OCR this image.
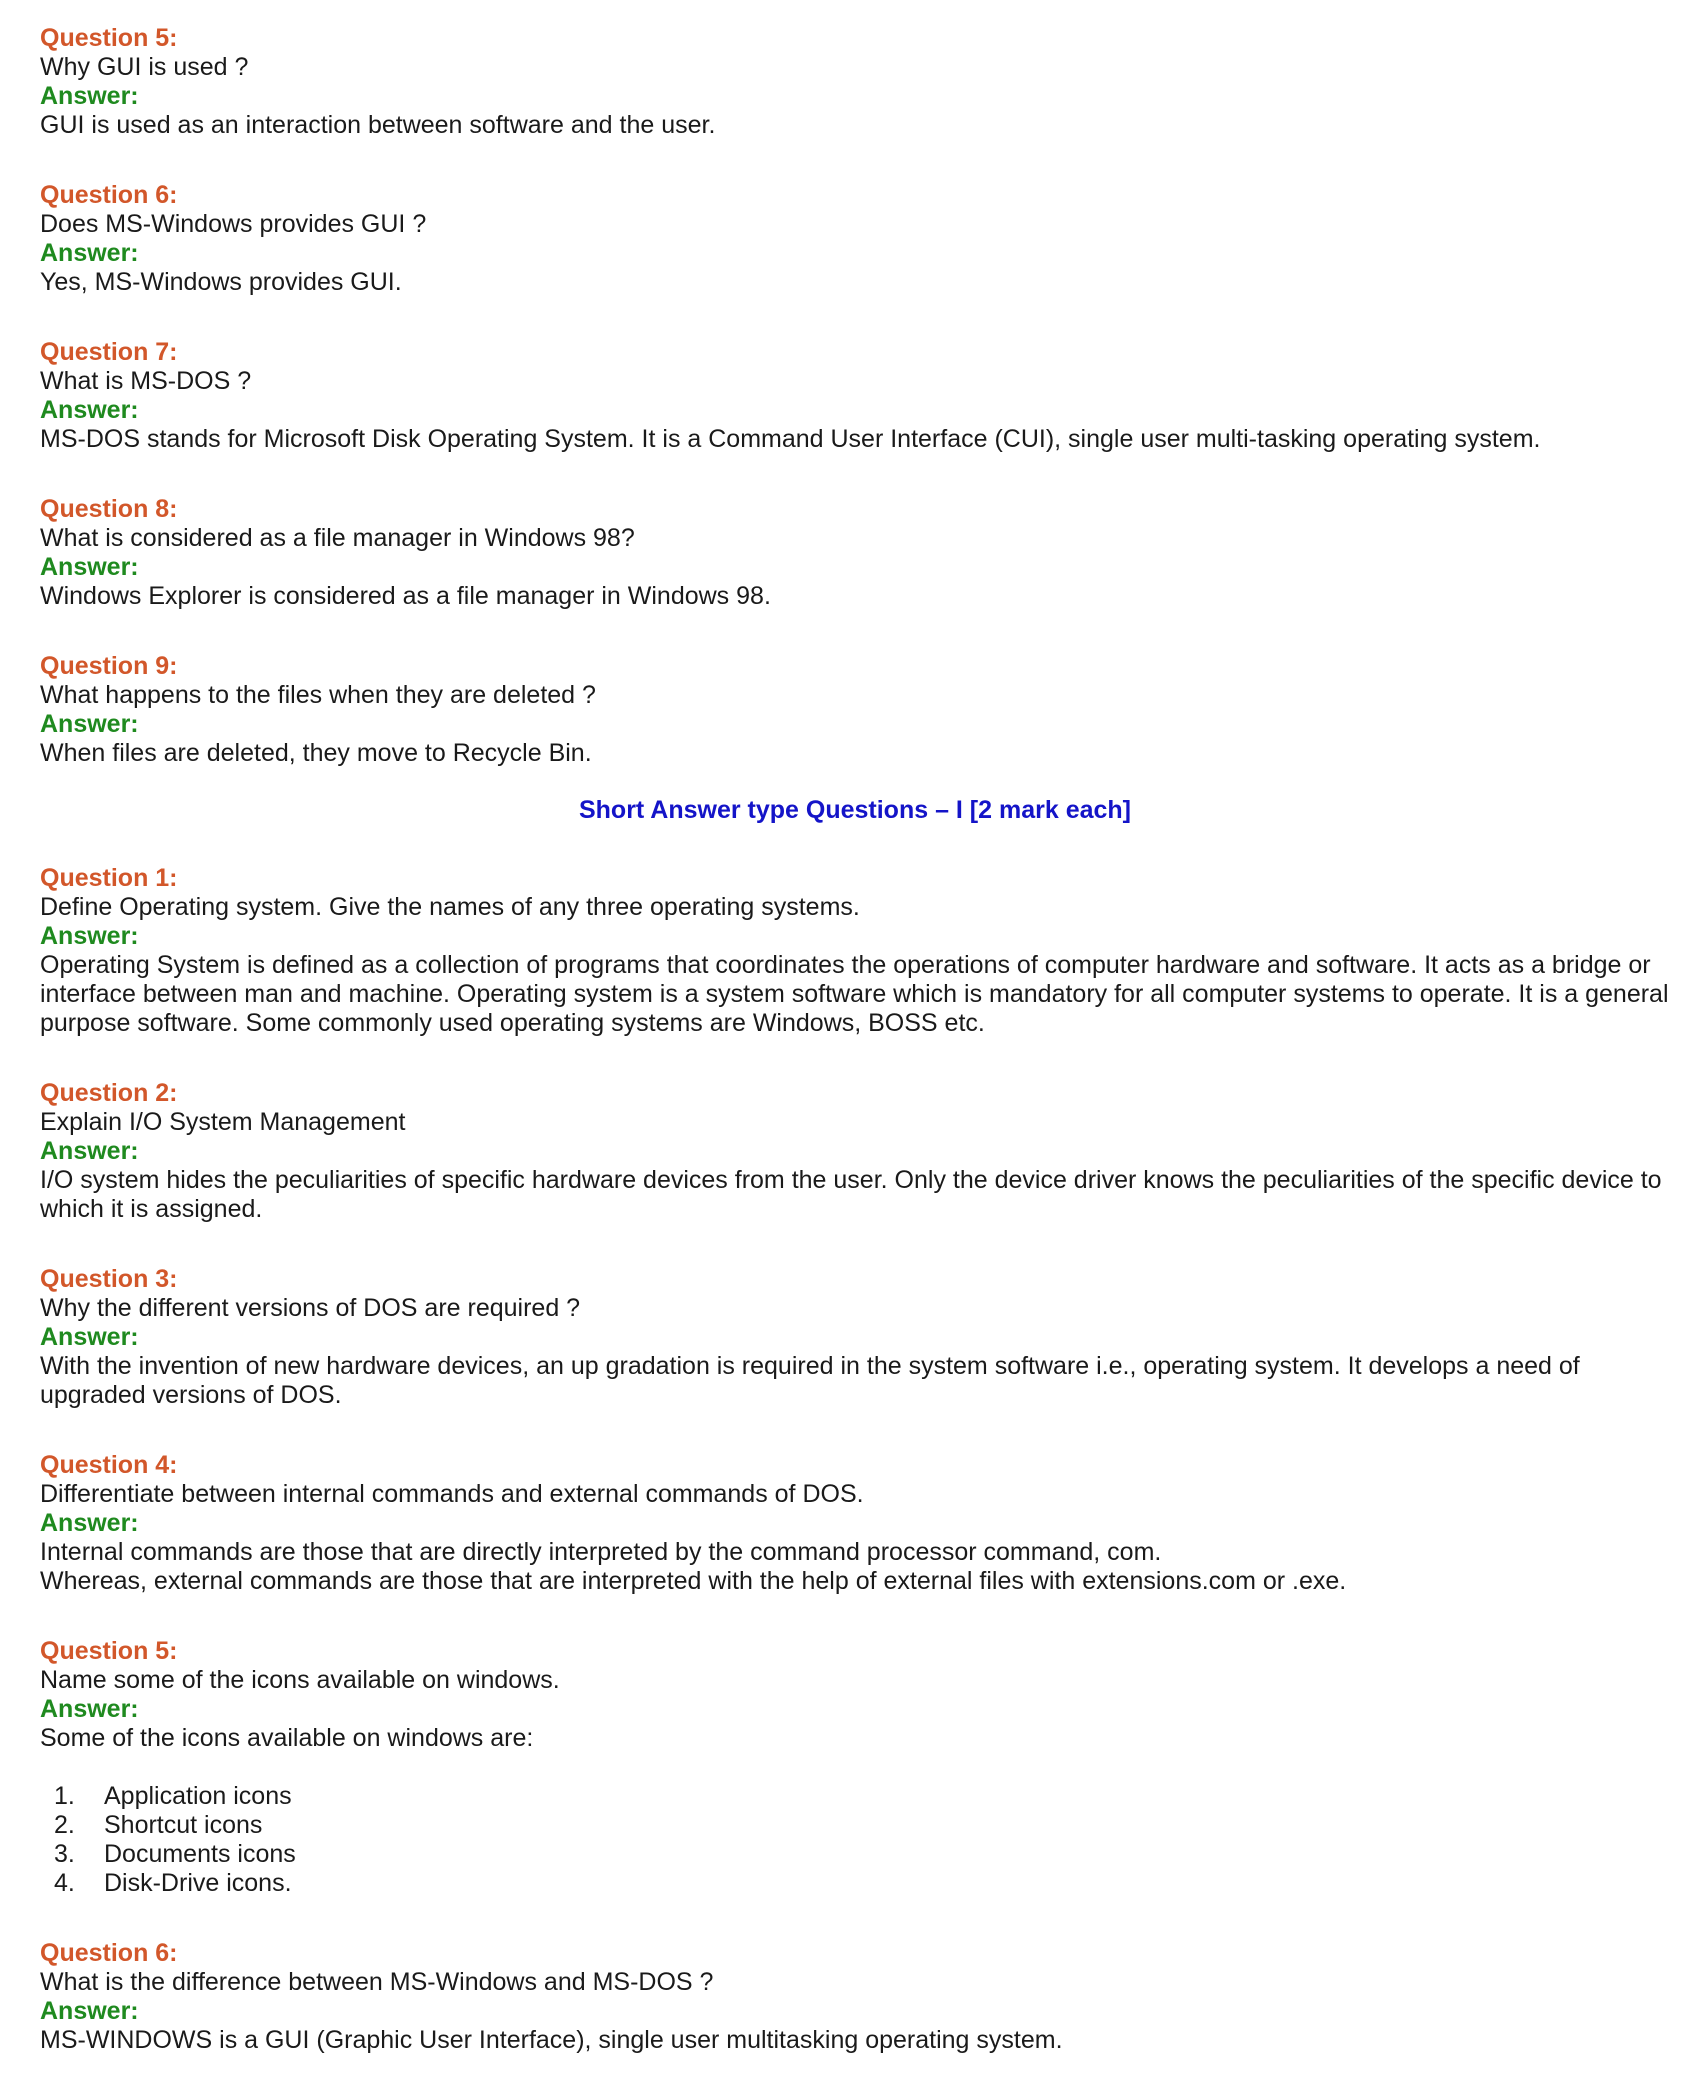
Question 5:
Why GUI is used ?
Answer:
GUI is used as an interaction between software and the user.
Question 6:
Does MS-Windows provides GUI ?
Answer:
Yes, MS-Windows provides GUI.
Question 7:
What is MS-DOS ?
Answer:
MS-DOS stands for Microsoft Disk Operating System. It is a Command User Interface (CUI), single user multi-tasking operating system.
Question 8:
What is considered as a file manager in Windows 98?
Answer:
Windows Explorer is considered as a file manager in Windows 98.
Question 9:
What happens to the files when they are deleted ?
Answer:
When files are deleted, they move to Recycle Bin.
Short Answer type Questions – I [2 mark each]
Question 1:
Define Operating system. Give the names of any three operating systems.
Answer:
Operating System is defined as a collection of programs that coordinates the operations of computer hardware and software. It acts as a bridge or interface between man and machine. Operating system is a system software which is mandatory for all computer systems to operate. It is a general purpose software. Some commonly used operating systems are Windows, BOSS etc.
Question 2:
Explain I/O System Management
Answer:
I/O system hides the peculiarities of specific hardware devices from the user. Only the device driver knows the peculiarities of the specific device to which it is assigned.
Question 3:
Why the different versions of DOS are required ?
Answer:
With the invention of new hardware devices, an up gradation is required in the system software i.e., operating system. It develops a need of upgraded versions of DOS.
Question 4:
Differentiate between internal commands and external commands of DOS.
Answer:
Internal commands are those that are directly interpreted by the command processor command, com.
Whereas, external commands are those that are interpreted with the help of external files with extensions.com or .exe.
Question 5:
Name some of the icons available on windows.
Answer:
Some of the icons available on windows are:
1. Application icons
2. Shortcut icons
3. Documents icons
4. Disk-Drive icons.
Question 6:
What is the difference between MS-Windows and MS-DOS ?
Answer:
MS-WINDOWS is a GUI (Graphic User Interface), single user multitasking operating system.
